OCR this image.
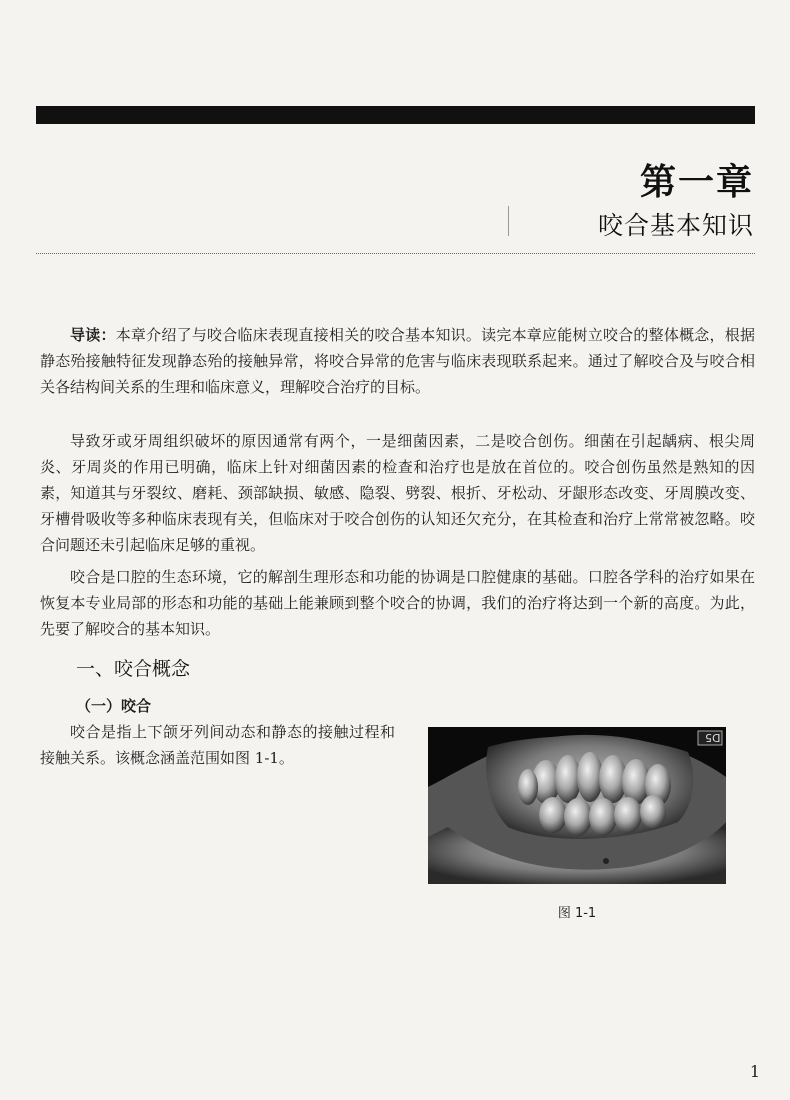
第一章
咬合基本知识
导读：本章介绍了与咬合临床表现直接相关的咬合基本知识。读完本章应能树立咬合的整体概念，根据静态殆接触特征发现静态殆的接触异常，将咬合异常的危害与临床表现联系起来。通过了解咬合及与咬合相关各结构间关系的生理和临床意义，理解咬合治疗的目标。
导致牙或牙周组织破坏的原因通常有两个，一是细菌因素，二是咬合创伤。细菌在引起龋病、根尖周炎、牙周炎的作用已明确，临床上针对细菌因素的检查和治疗也是放在首位的。咬合创伤虽然是熟知的因素，知道其与牙裂纹、磨耗、颈部缺损、敏感、隐裂、劈裂、根折、牙松动、牙龈形态改变、牙周膜改变、牙槽骨吸收等多种临床表现有关，但临床对于咬合创伤的认知还欠充分，在其检查和治疗上常常被忽略。咬合问题还未引起临床足够的重视。
咬合是口腔的生态环境，它的解剖生理形态和功能的协调是口腔健康的基础。口腔各学科的治疗如果在恢复本专业局部的形态和功能的基础上能兼顾到整个咬合的协调，我们的治疗将达到一个新的高度。为此，先要了解咬合的基本知识。
一、咬合概念
（一）咬合
咬合是指上下颌牙列间动态和静态的接触过程和接触关系。该概念涵盖范围如图 1-1。
D5
图 1-1
1
